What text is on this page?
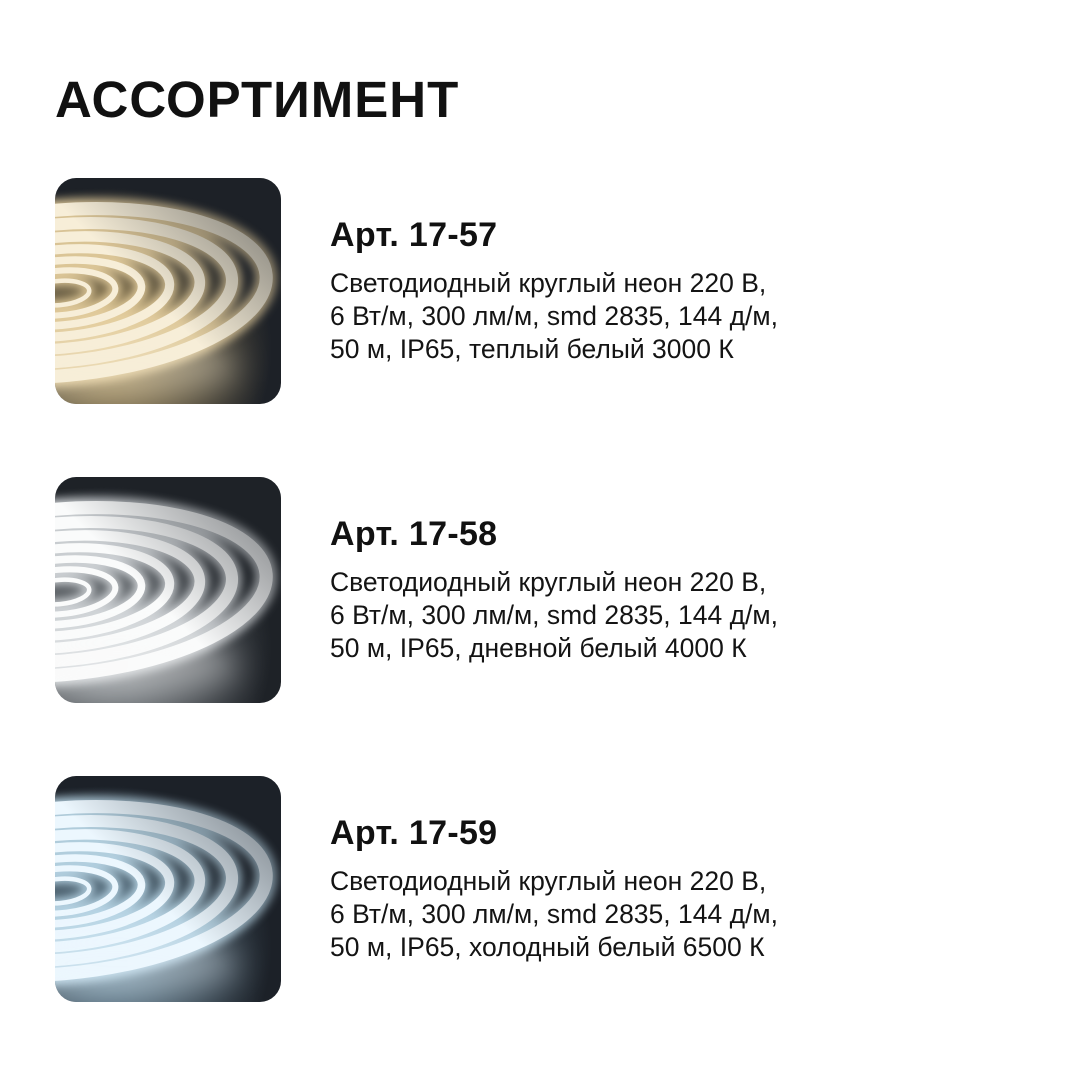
АССОРТИМЕНТ
Арт. 17-57
Светодиодный круглый неон 220 В,
6 Вт/м, 300 лм/м, smd 2835, 144 д/м,
50 м, IP65, теплый белый 3000 К
Арт. 17-58
Светодиодный круглый неон 220 В,
6 Вт/м, 300 лм/м, smd 2835, 144 д/м,
50 м, IP65, дневной белый 4000 К
Арт. 17-59
Светодиодный круглый неон 220 В,
6 Вт/м, 300 лм/м, smd 2835, 144 д/м,
50 м, IP65, холодный белый 6500 К
